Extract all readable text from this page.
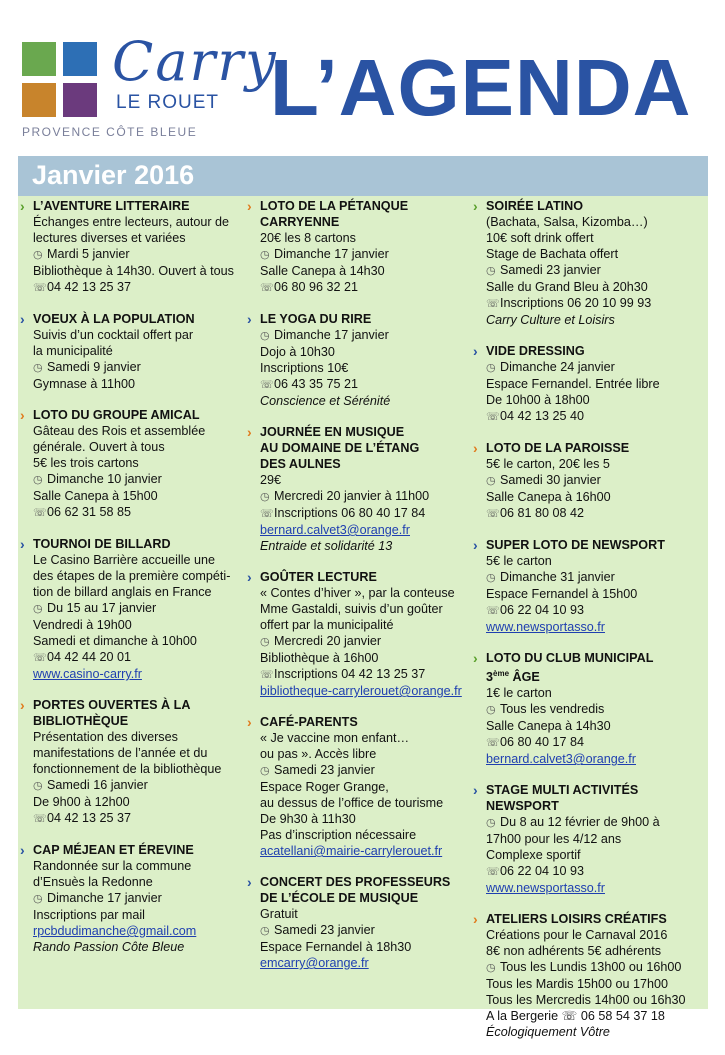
Carry
LE ROUET
PROVENCE CÔTE BLEUE L’AGENDA
Janvier 2016
› L’AVENTURE LITTERAIRE
Échanges entre lecteurs, autour de
lectures diverses et variées
◷ Mardi 5 janvier
Bibliothèque à 14h30. Ouvert à tous
☏04 42 13 25 37
› VOEUX À LA POPULATION
Suivis d’un cocktail offert par
la municipalité
◷ Samedi 9 janvier
Gymnase à 11h00
› LOTO DU GROUPE AMICAL
Gâteau des Rois et assemblée
générale. Ouvert à tous
5€ les trois cartons
◷ Dimanche 10 janvier
Salle Canepa à 15h00
☏06 62 31 58 85
› TOURNOI DE BILLARD
Le Casino Barrière accueille une
des étapes de la première compéti-
tion de billard anglais en France
◷ Du 15 au 17 janvier
Vendredi à 19h00
Samedi et dimanche à 10h00
☏04 42 44 20 01
www.casino-carry.fr
› PORTES OUVERTES À LA
BIBLIOTHÈQUE
Présentation des diverses
manifestations de l’année et du
fonctionnement de la bibliothèque
◷ Samedi 16 janvier
De 9h00 à 12h00
☏04 42 13 25 37
› CAP MÉJEAN ET ÉREVINE
Randonnée sur la commune
d’Ensuès la Redonne
◷ Dimanche 17 janvier
Inscriptions par mail
rpcbdudimanche@gmail.com
Rando Passion Côte Bleue
› LOTO DE LA PÉTANQUE
CARRYENNE
20€ les 8 cartons
◷ Dimanche 17 janvier
Salle Canepa à 14h30
☏06 80 96 32 21
› LE YOGA DU RIRE
◷ Dimanche 17 janvier
Dojo à 10h30
Inscriptions 10€
☏06 43 35 75 21
Conscience et Sérénité
› JOURNÉE EN MUSIQUE
AU DOMAINE DE L’ÉTANG
DES AULNES
29€
◷ Mercredi 20 janvier à 11h00
☏Inscriptions 06 80 40 17 84
bernard.calvet3@orange.fr
Entraide et solidarité 13
› GOÛTER LECTURE
« Contes d’hiver », par la conteuse
Mme Gastaldi, suivis d’un goûter
offert par la municipalité
◷ Mercredi 20 janvier
Bibliothèque à 16h00
☏Inscriptions 04 42 13 25 37
bibliotheque-carrylerouet@orange.fr
› CAFÉ-PARENTS
« Je vaccine mon enfant…
ou pas ». Accès libre
◷ Samedi 23 janvier
Espace Roger Grange,
au dessus de l’office de tourisme
De 9h30 à 11h30
Pas d’inscription nécessaire
acatellani@mairie-carrylerouet.fr
› CONCERT DES PROFESSEURS
DE L’ÉCOLE DE MUSIQUE
Gratuit
◷ Samedi 23 janvier
Espace Fernandel à 18h30
emcarry@orange.fr
› SOIRÉE LATINO
(Bachata, Salsa, Kizomba…)
10€ soft drink offert
Stage de Bachata offert
◷ Samedi 23 janvier
Salle du Grand Bleu à 20h30
☏Inscriptions 06 20 10 99 93
Carry Culture et Loisirs
› VIDE DRESSING
◷ Dimanche 24 janvier
Espace Fernandel. Entrée libre
De 10h00 à 18h00
☏04 42 13 25 40
› LOTO DE LA PAROISSE
5€ le carton, 20€ les 5
◷ Samedi 30 janvier
Salle Canepa à 16h00
☏06 81 80 08 42
› SUPER LOTO DE NEWSPORT
5€ le carton
◷ Dimanche 31 janvier
Espace Fernandel à 15h00
☏06 22 04 10 93
www.newsportasso.fr
› LOTO DU CLUB MUNICIPAL
3ème ÂGE
1€ le carton
◷ Tous les vendredis
Salle Canepa à 14h30
☏06 80 40 17 84
bernard.calvet3@orange.fr
› STAGE MULTI ACTIVITÉS
NEWSPORT
◷ Du 8 au 12 février de 9h00 à
17h00 pour les 4/12 ans
Complexe sportif
☏06 22 04 10 93
www.newsportasso.fr
› ATELIERS LOISIRS CRÉATIFS
Créations pour le Carnaval 2016
8€ non adhérents 5€ adhérents
◷ Tous les Lundis 13h00 ou 16h00
Tous les Mardis 15h00 ou 17h00
Tous les Mercredis 14h00 ou 16h30
A la Bergerie ☏ 06 58 54 37 18
Écologiquement Vôtre
